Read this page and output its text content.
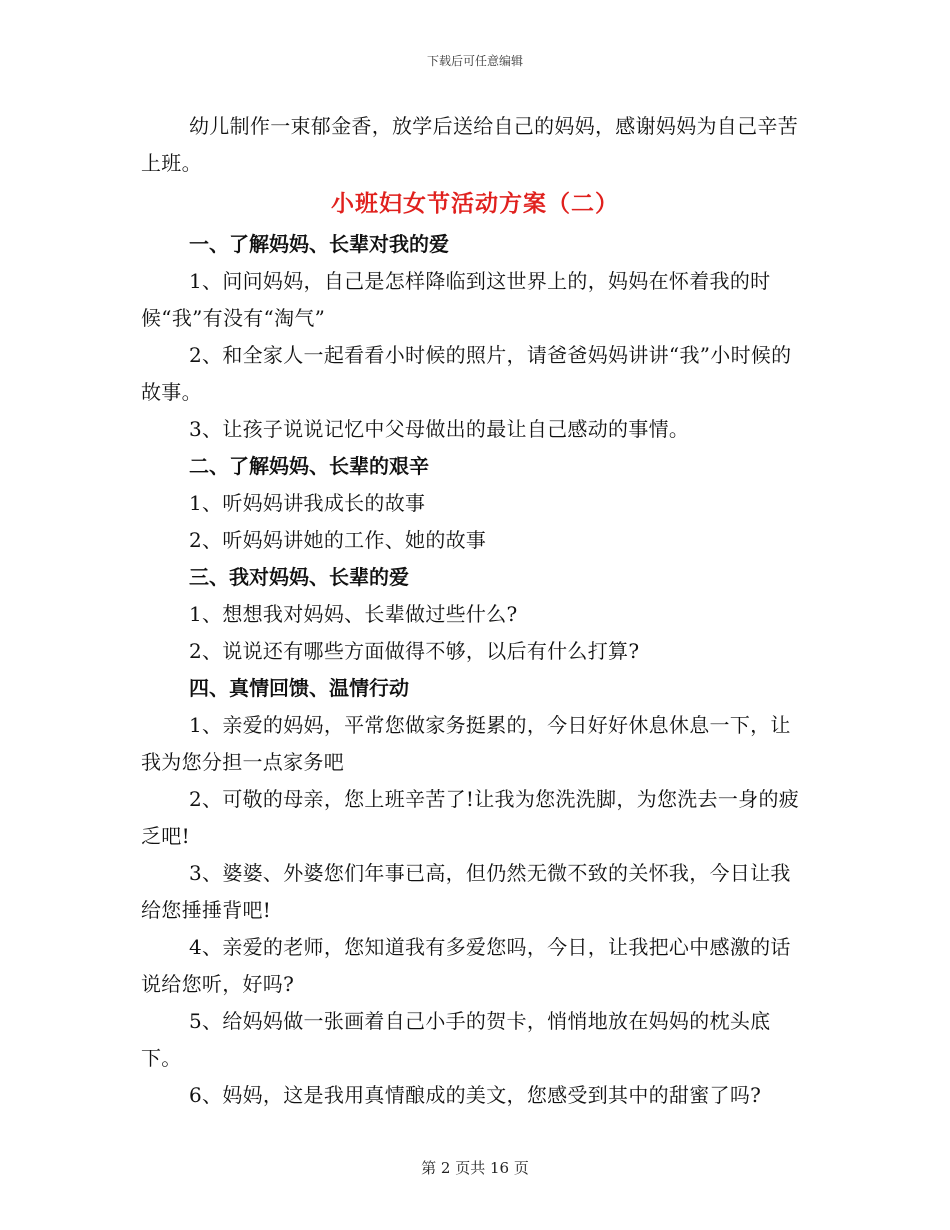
下载后可任意编辑

幼儿制作一束郁金香，放学后送给自己的妈妈，感谢妈妈为自己辛苦上班。

小班妇女节活动方案（二）

一、了解妈妈、长辈对我的爱

1、问问妈妈，自己是怎样降临到这世界上的，妈妈在怀着我的时候“我”有没有“淘气”

2、和全家人一起看看小时候的照片，请爸爸妈妈讲讲“我”小时候的故事。

3、让孩子说说记忆中父母做出的最让自己感动的事情。

二、了解妈妈、长辈的艰辛

1、听妈妈讲我成长的故事

2、听妈妈讲她的工作、她的故事

三、我对妈妈、长辈的爱

1、想想我对妈妈、长辈做过些什么?

2、说说还有哪些方面做得不够，以后有什么打算?

四、真情回馈、温情行动

1、亲爱的妈妈，平常您做家务挺累的，今日好好休息休息一下，让我为您分担一点家务吧

2、可敬的母亲，您上班辛苦了!让我为您洗洗脚，为您洗去一身的疲乏吧!

3、婆婆、外婆您们年事已高，但仍然无微不致的关怀我，今日让我给您捶捶背吧!

4、亲爱的老师，您知道我有多爱您吗，今日，让我把心中感激的话说给您听，好吗?

5、给妈妈做一张画着自己小手的贺卡，悄悄地放在妈妈的枕头底下。

6、妈妈，这是我用真情酿成的美文，您感受到其中的甜蜜了吗?

第 2 页共 16 页
